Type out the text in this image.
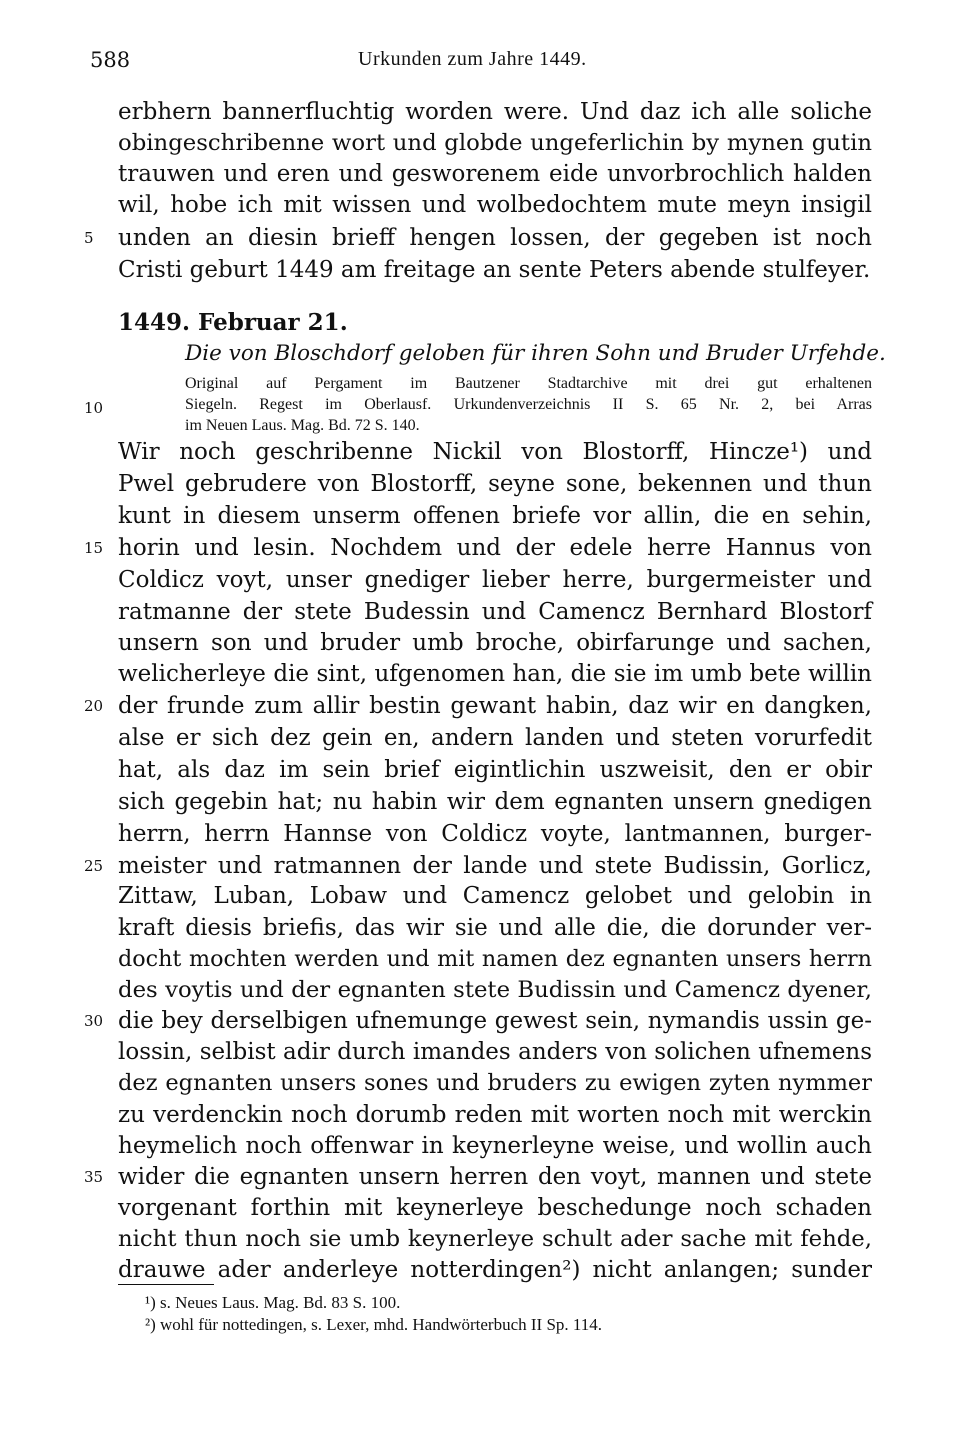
588	Urkunden zum Jahre 1449.
erbhern bannerfluchtig worden were. Und daz ich alle soliche
obingeschribenne wort und globde ungeferlichin by mynen gutin
trauwen und eren und gesworenem eide unvorbrochlich halden
wil, hobe ich mit wissen und wolbedochtem mute meyn insigil
unden an diesin brieff hengen lossen, der gegeben ist noch
Cristi geburt 1449 am freitage an sente Peters abende stulfeyer.
1449. Februar 21.
Die von Bloschdorf geloben für ihren Sohn und Bruder Urfehde.
Original auf Pergament im Bautzener Stadtarchive mit drei gut erhaltenen
Siegeln. Regest im Oberlausf. Urkundenverzeichnis II S. 65 Nr. 2, bei Arras
im Neuen Laus. Mag. Bd. 72 S. 140.
Wir noch geschribenne Nickil von Blostorff, Hincze¹) und
Pwel gebrudere von Blostorff, seyne sone, bekennen und thun
kunt in diesem unserm offenen briefe vor allin, die en sehin,
horin und lesin. Nochdem und der edele herre Hannus von
Coldicz voyt, unser gnediger lieber herre, burgermeister und
ratmanne der stete Budessin und Camencz Bernhard Blostorf
unsern son und bruder umb broche, obirfarunge und sachen,
welicherleye die sint, ufgenomen han, die sie im umb bete willin
der frunde zum allir bestin gewant habin, daz wir en dangken,
alse er sich dez gein en, andern landen und steten vorurfedit
hat, als daz im sein brief eigintlichin uszweisit, den er obir
sich gegebin hat; nu habin wir dem egnanten unsern gnedigen
herrn, herrn Hannse von Coldicz voyte, lantmannen, burger-
meister und ratmannen der lande und stete Budissin, Gorlicz,
Zittaw, Luban, Lobaw und Camencz gelobet und gelobin in
kraft diesis briefis, das wir sie und alle die, die dorunder ver-
docht mochten werden und mit namen dez egnanten unsers herrn
des voytis und der egnanten stete Budissin und Camencz dyener,
die bey derselbigen ufnemunge gewest sein, nymandis ussin ge-
lossin, selbist adir durch imandes anders von solichen ufnemens
dez egnanten unsers sones und bruders zu ewigen zyten nymmer
zu verdenckin noch dorumb reden mit worten noch mit werckin
heymelich noch offenwar in keynerleyne weise, und wollin auch
wider die egnanten unsern herren den voyt, mannen und stete
vorgenant forthin mit keynerleye beschedunge noch schaden
nicht thun noch sie umb keynerleye schult ader sache mit fehde,
drauwe ader anderleye notterdingen²) nicht anlangen; sunder
5
10
15
20
25
30
35
¹) s. Neues Laus. Mag. Bd. 83 S. 100.
²) wohl für nottedingen, s. Lexer, mhd. Handwörterbuch II Sp. 114.
